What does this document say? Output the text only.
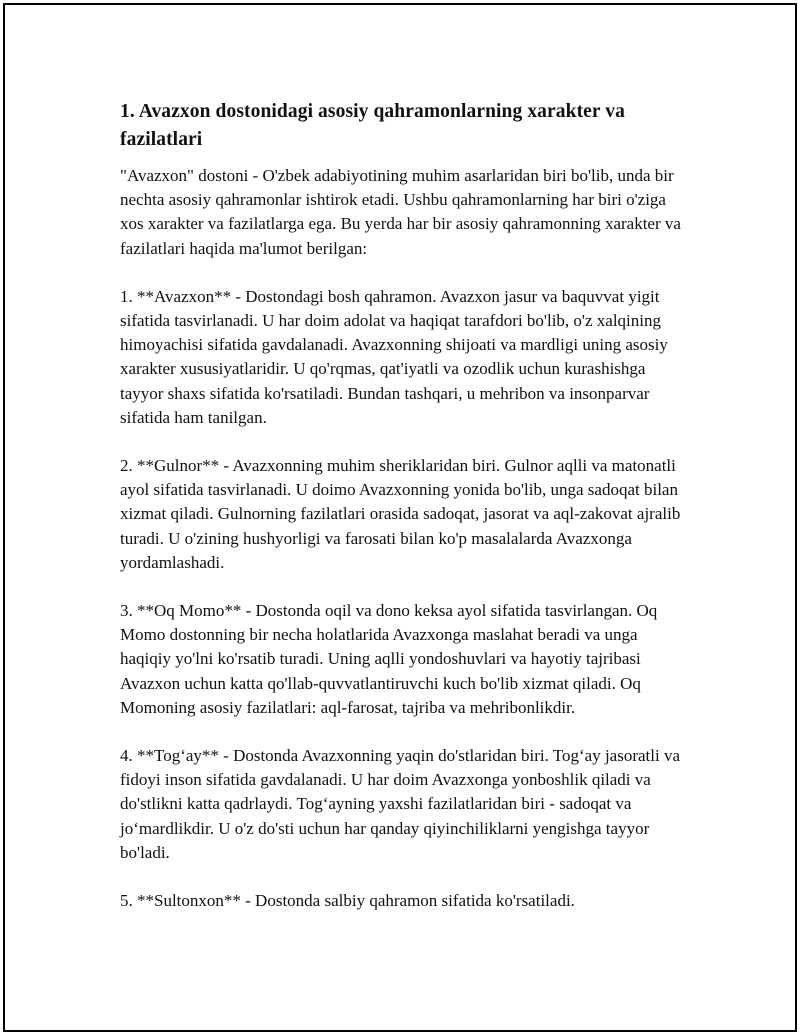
1. Avazxon dostonidagi asosiy qahramonlarning xarakter va fazilatlari

"Avazxon" dostoni - O'zbek adabiyotining muhim asarlaridan biri bo'lib, unda bir nechta asosiy qahramonlar ishtirok etadi. Ushbu qahramonlarning har biri o'ziga xos xarakter va fazilatlarga ega. Bu yerda har bir asosiy qahramonning xarakter va fazilatlari haqida ma'lumot berilgan:

1. **Avazxon** - Dostondagi bosh qahramon. Avazxon jasur va baquvvat yigit sifatida tasvirlanadi. U har doim adolat va haqiqat tarafdori bo'lib, o'z xalqining himoyachisi sifatida gavdalanadi. Avazxonning shijoati va mardligi uning asosiy xarakter xususiyatlaridir. U qo'rqmas, qat'iyatli va ozodlik uchun kurashishga tayyor shaxs sifatida ko'rsatiladi. Bundan tashqari, u mehribon va insonparvar sifatida ham tanilgan.

2. **Gulnor** - Avazxonning muhim sheriklaridan biri. Gulnor aqlli va matonatli ayol sifatida tasvirlanadi. U doimo Avazxonning yonida bo'lib, unga sadoqat bilan xizmat qiladi. Gulnorning fazilatlari orasida sadoqat, jasorat va aql-zakovat ajralib turadi. U o'zining hushyorligi va farosati bilan ko'p masalalarda Avazxonga yordamlashadi.

3. **Oq Momo** - Dostonda oqil va dono keksa ayol sifatida tasvirlangan. Oq Momo dostonning bir necha holatlarida Avazxonga maslahat beradi va unga haqiqiy yo'lni ko'rsatib turadi. Uning aqlli yondoshuvlari va hayotiy tajribasi Avazxon uchun katta qo'llab-quvvatlantiruvchi kuch bo'lib xizmat qiladi. Oq Momoning asosiy fazilatlari: aql-farosat, tajriba va mehribonlikdir.

4. **Tog‘ay** - Dostonda Avazxonning yaqin do'stlaridan biri. Tog‘ay jasoratli va fidoyi inson sifatida gavdalanadi. U har doim Avazxonga yonboshlik qiladi va do'stlikni katta qadrlaydi. Tog‘ayning yaxshi fazilatlaridan biri - sadoqat va jo‘mardlikdir. U o'z do'sti uchun har qanday qiyinchiliklarni yengishga tayyor bo'ladi.

5. **Sultonxon** - Dostonda salbiy qahramon sifatida ko'rsatiladi.
